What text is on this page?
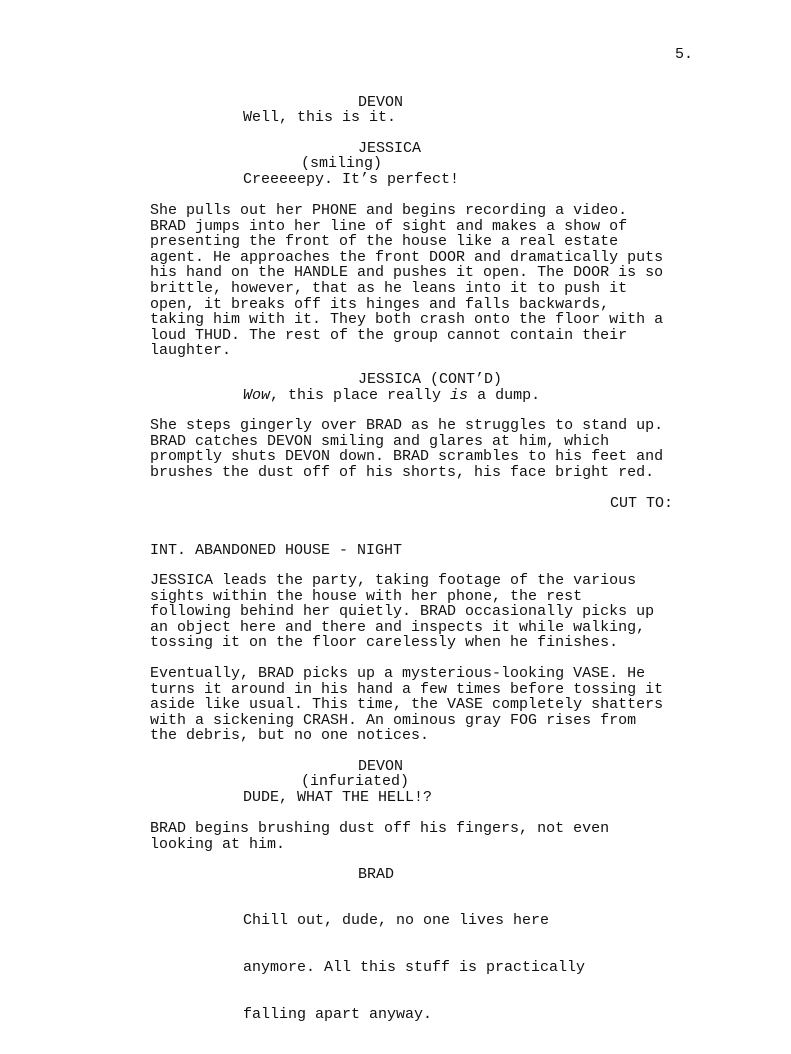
5.
DEVON
Well, this is it.
JESSICA
(smiling)
Creeeeepy. It’s perfect!
She pulls out her PHONE and begins recording a video.
BRAD jumps into her line of sight and makes a show of
presenting the front of the house like a real estate
agent. He approaches the front DOOR and dramatically puts
his hand on the HANDLE and pushes it open. The DOOR is so
brittle, however, that as he leans into it to push it
open, it breaks off its hinges and falls backwards,
taking him with it. They both crash onto the floor with a
loud THUD. The rest of the group cannot contain their
laughter.
JESSICA (CONT’D)
Wow, this place really is a dump.
She steps gingerly over BRAD as he struggles to stand up.
BRAD catches DEVON smiling and glares at him, which
promptly shuts DEVON down. BRAD scrambles to his feet and
brushes the dust off of his shorts, his face bright red.
CUT TO:
INT. ABANDONED HOUSE - NIGHT
JESSICA leads the party, taking footage of the various
sights within the house with her phone, the rest
following behind her quietly. BRAD occasionally picks up
an object here and there and inspects it while walking,
tossing it on the floor carelessly when he finishes.
Eventually, BRAD picks up a mysterious-looking VASE. He
turns it around in his hand a few times before tossing it
aside like usual. This time, the VASE completely shatters
with a sickening CRASH. An ominous gray FOG rises from
the debris, but no one notices.
DEVON
(infuriated)
DUDE, WHAT THE HELL!?
BRAD begins brushing dust off his fingers, not even
looking at him.
BRAD

Chill out, dude, no one lives here

anymore. All this stuff is practically

falling apart anyway.
